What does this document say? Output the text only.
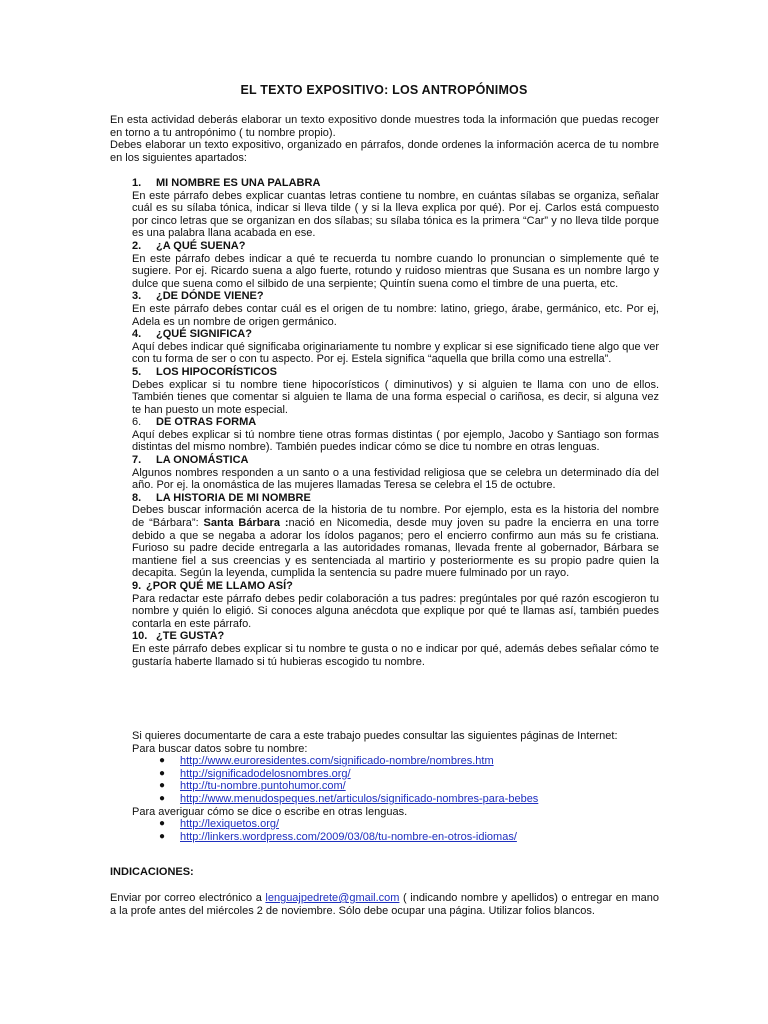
EL TEXTO EXPOSITIVO: LOS ANTROPÓNIMOS

En esta actividad deberás elaborar un texto expositivo donde muestres toda la información que puedas recoger en torno a tu antropónimo ( tu nombre propio).

Debes elaborar un texto expositivo, organizado en párrafos, donde ordenes la información acerca de tu nombre en los siguientes apartados:

1. MI NOMBRE ES UNA PALABRA

En este párrafo debes explicar cuantas letras contiene tu nombre, en cuántas sílabas se organiza, señalar cuál es su sílaba tónica, indicar si lleva tilde ( y si la lleva explica por qué). Por ej. Carlos está compuesto por cinco letras que se organizan en dos sílabas; su sílaba tónica es la primera “Car” y no lleva tilde porque es una palabra llana acabada en ese.

2. ¿A QUÉ SUENA?

En este párrafo debes indicar a qué te recuerda tu nombre cuando lo pronuncian o simplemente qué te sugiere. Por ej. Ricardo suena a algo fuerte, rotundo y ruidoso mientras que Susana es un nombre largo y dulce que suena como el silbido de una serpiente; Quintín suena como el timbre de una puerta, etc.

3. ¿DE DÓNDE VIENE?

En este párrafo debes contar cuál es el origen de tu nombre: latino, griego, árabe, germánico, etc. Por ej, Adela es un nombre de origen germánico.

4. ¿QUÉ SIGNIFICA?

Aquí debes indicar qué significaba originariamente tu nombre y explicar si ese significado tiene algo que ver con tu forma de ser o con tu aspecto. Por ej. Estela significa “aquella que brilla como una estrella”.

5. LOS HIPOCORÍSTICOS

Debes explicar si tu nombre tiene hipocorísticos ( diminutivos) y si alguien te llama con uno de ellos. También tienes que comentar si alguien te llama de una forma especial o cariñosa, es decir, si alguna vez te han puesto un mote especial.

6. DE OTRAS FORMA

Aquí debes explicar si tú nombre tiene otras formas distintas ( por ejemplo, Jacobo y Santiago son formas distintas del mismo nombre). También puedes indicar cómo se dice tu nombre en otras lenguas.

7. LA ONOMÁSTICA

Algunos nombres responden a un santo o a una festividad religiosa que se celebra un determinado día del año. Por ej. la onomástica de las mujeres llamadas Teresa se celebra el 15 de octubre.

8. LA HISTORIA DE MI NOMBRE

Debes buscar información acerca de la historia de tu nombre. Por ejemplo, esta es la historia del nombre de “Bárbara”: Santa Bárbara :nació en Nicomedia, desde muy joven su padre la encierra en una torre debido a que se negaba a adorar los ídolos paganos; pero el encierro confirmo aun más su fe cristiana. Furioso su padre decide entregarla a las autoridades romanas, llevada frente al gobernador, Bárbara se mantiene fiel a sus creencias y es sentenciada al martirio y posteriormente es su propio padre quien la decapita. Según la leyenda, cumplida la sentencia su padre muere fulminado por un rayo.

9. ¿POR QUÉ ME LLAMO ASÍ?

Para redactar este párrafo debes pedir colaboración a tus padres: pregúntales por qué razón escogieron tu nombre y quién lo eligió. Si conoces alguna anécdota que explique por qué te llamas así, también puedes contarla en este párrafo.

10. ¿TE GUSTA?

En este párrafo debes explicar si tu nombre te gusta o no e indicar por qué, además debes señalar cómo te gustaría haberte llamado si tú hubieras escogido tu nombre.

Si quieres documentarte de cara a este trabajo puedes consultar las siguientes páginas de Internet:

Para buscar datos sobre tu nombre:

● http://www.euroresidentes.com/significado-nombre/nombres.htm
● http://significadodelosnombres.org/
● http://tu-nombre.puntohumor.com/
● http://www.menudospeques.net/articulos/significado-nombres-para-bebes

Para averiguar cómo se dice o escribe en otras lenguas.

● http://lexiquetos.org/
● http://linkers.wordpress.com/2009/03/08/tu-nombre-en-otros-idiomas/
INDICACIONES:

Enviar por correo electrónico a lenguajpedrete@gmail.com ( indicando nombre y apellidos) o entregar en mano a la profe antes del miércoles 2 de noviembre. Sólo debe ocupar una página. Utilizar folios blancos.
